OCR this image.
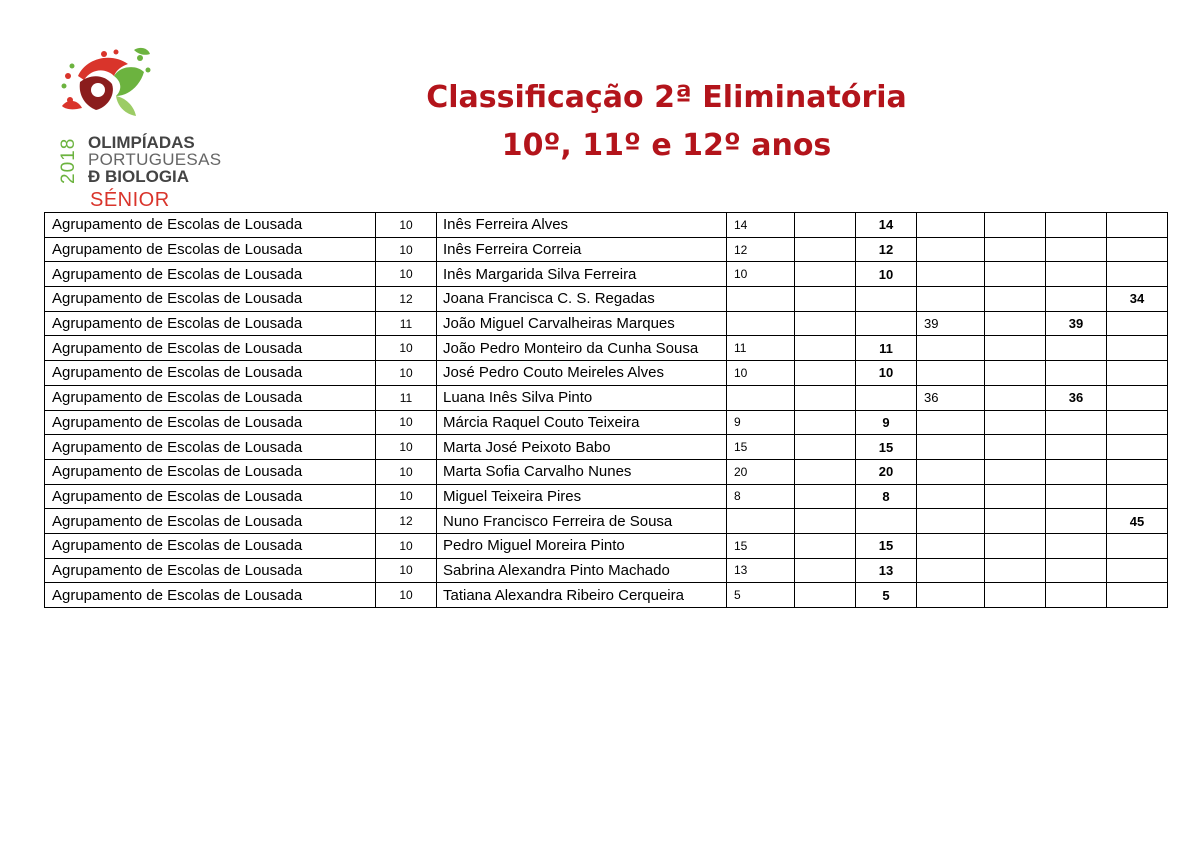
2018 OLIMPÍADAS
PORTUGUESAS
Ð BIOLOGIA
SÉNIOR
Classificação 2ª Eliminatória
10º, 11º e 12º anos
Agrupamento de Escolas de Lousada	10	Inês Ferreira Alves	14		14				
Agrupamento de Escolas de Lousada	10	Inês Ferreira Correia	12		12				
Agrupamento de Escolas de Lousada	10	Inês Margarida Silva Ferreira	10		10				
Agrupamento de Escolas de Lousada	12	Joana Francisca C. S. Regadas							34
Agrupamento de Escolas de Lousada	11	João Miguel Carvalheiras Marques				39		39	
Agrupamento de Escolas de Lousada	10	João Pedro Monteiro da Cunha Sousa	11		11				
Agrupamento de Escolas de Lousada	10	José Pedro Couto Meireles Alves	10		10				
Agrupamento de Escolas de Lousada	11	Luana Inês Silva Pinto				36		36	
Agrupamento de Escolas de Lousada	10	Márcia Raquel Couto Teixeira	9		9				
Agrupamento de Escolas de Lousada	10	Marta José Peixoto Babo	15		15				
Agrupamento de Escolas de Lousada	10	Marta Sofia Carvalho Nunes	20		20				
Agrupamento de Escolas de Lousada	10	Miguel Teixeira Pires	8		8				
Agrupamento de Escolas de Lousada	12	Nuno Francisco Ferreira de Sousa							45
Agrupamento de Escolas de Lousada	10	Pedro Miguel Moreira Pinto	15		15				
Agrupamento de Escolas de Lousada	10	Sabrina Alexandra Pinto Machado	13		13				
Agrupamento de Escolas de Lousada	10	Tatiana Alexandra Ribeiro Cerqueira	5		5				
